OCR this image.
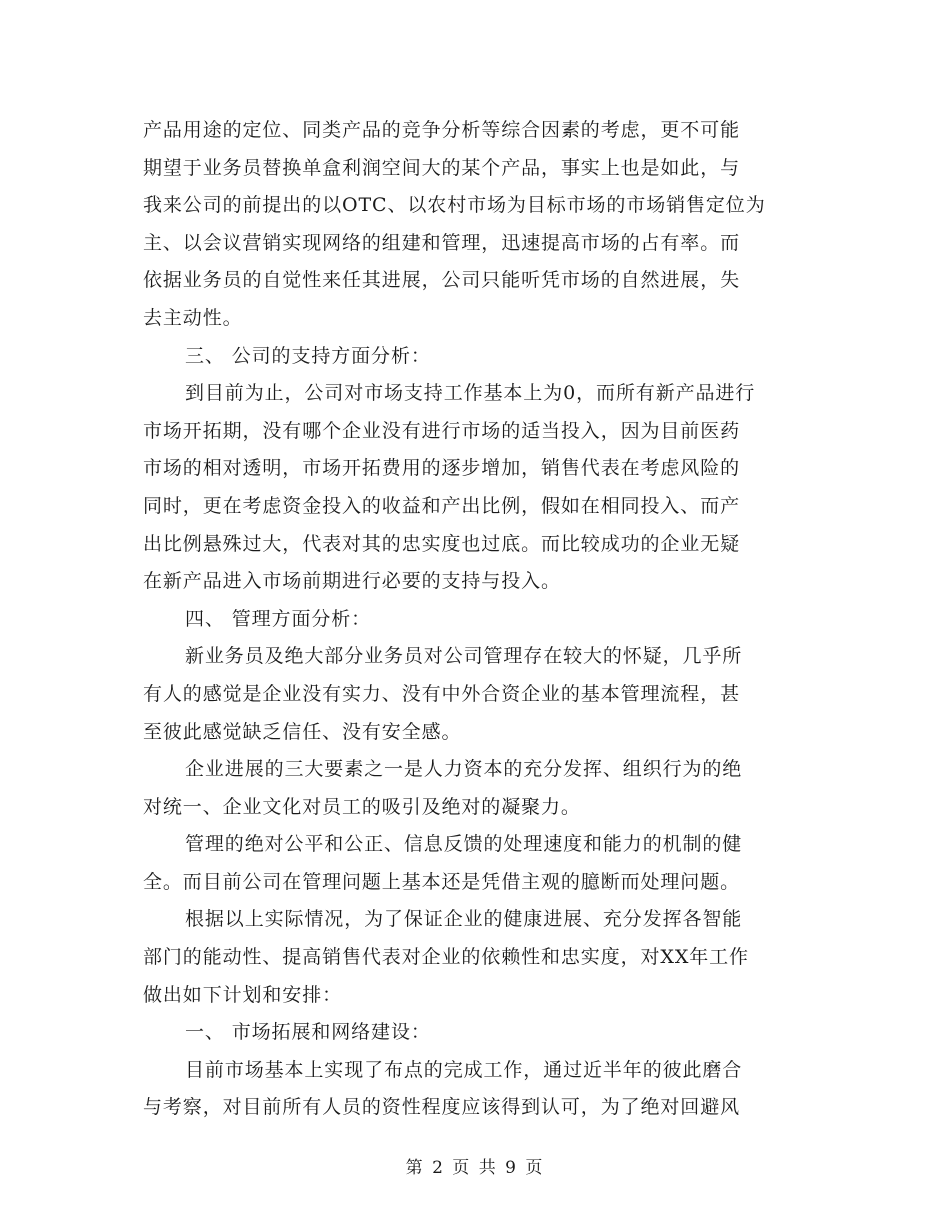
产品用途的定位、同类产品的竞争分析等综合因素的考虑，更不可能
期望于业务员替换单盒利润空间大的某个产品，事实上也是如此，与
我来公司的前提出的以OTC、以农村市场为目标市场的市场销售定位为
主、以会议营销实现网络的组建和管理，迅速提高市场的占有率。而
依据业务员的自觉性来任其进展，公司只能听凭市场的自然进展，失
去主动性。
三、 公司的支持方面分析：
到目前为止，公司对市场支持工作基本上为0，而所有新产品进行
市场开拓期，没有哪个企业没有进行市场的适当投入，因为目前医药
市场的相对透明，市场开拓费用的逐步增加，销售代表在考虑风险的
同时，更在考虑资金投入的收益和产出比例，假如在相同投入、而产
出比例悬殊过大，代表对其的忠实度也过底。而比较成功的企业无疑
在新产品进入市场前期进行必要的支持与投入。
四、 管理方面分析：
新业务员及绝大部分业务员对公司管理存在较大的怀疑，几乎所
有人的感觉是企业没有实力、没有中外合资企业的基本管理流程，甚
至彼此感觉缺乏信任、没有安全感。
企业进展的三大要素之一是人力资本的充分发挥、组织行为的绝
对统一、企业文化对员工的吸引及绝对的凝聚力。
管理的绝对公平和公正、信息反馈的处理速度和能力的机制的健
全。而目前公司在管理问题上基本还是凭借主观的臆断而处理问题。
根据以上实际情况，为了保证企业的健康进展、充分发挥各智能
部门的能动性、提高销售代表对企业的依赖性和忠实度，对XX年工作
做出如下计划和安排：
一、 市场拓展和网络建设：
目前市场基本上实现了布点的完成工作，通过近半年的彼此磨合
与考察，对目前所有人员的资性程度应该得到认可，为了绝对回避风
第 2 页 共 9 页
